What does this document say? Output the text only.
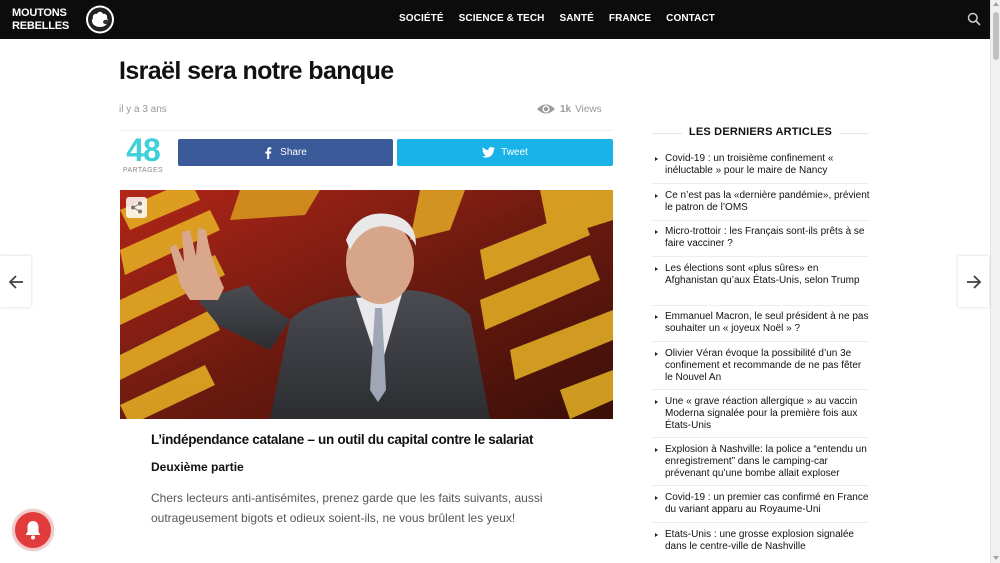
MOUTONS
REBELLES
SOCIÉTÉ SCIENCE & TECH SANTÉ FRANCE CONTACT
Israël sera notre banque
il y a 3 ans	1k Views
48
PARTAGES
Share	Tweet
L’indépendance catalane – un outil du capital contre le salariat
Deuxième partie

Chers lecteurs anti-antisémites, prenez garde que les faits suivants, aussi outrageusement bigots et odieux soient-ils, ne vous brûlent les yeux!

LES DERNIERS ARTICLES
Covid-19 : un troisième confinement « inéluctable » pour le maire de Nancy
Ce n’est pas la «dernière pandémie», prévient le patron de l’OMS
Micro-trottoir : les Français sont-ils prêts à se faire vacciner ?
Les élections sont «plus sûres» en Afghanistan qu’aux États-Unis, selon Trump
Emmanuel Macron, le seul président à ne pas souhaiter un « joyeux Noël » ?
Olivier Véran évoque la possibilité d’un 3e confinement et recommande de ne pas fêter le Nouvel An
Une « grave réaction allergique » au vaccin Moderna signalée pour la première fois aux États-Unis
Explosion à Nashville: la police a “entendu un enregistrement” dans le camping-car prévenant qu’une bombe allait exploser
Covid-19 : un premier cas confirmé en France du variant apparu au Royaume-Uni
Etats-Unis : une grosse explosion signalée dans le centre-ville de Nashville
